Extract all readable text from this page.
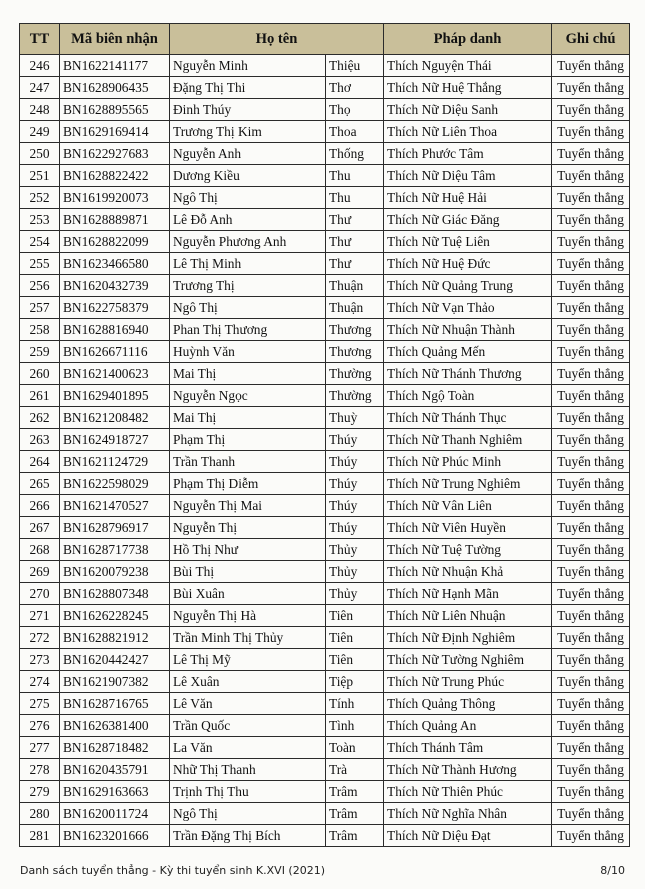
TT	Mã biên nhận	Họ tên		Pháp danh	Ghi chú
246	BN1622141177	Nguyễn Minh	Thiệu	Thích Nguyện Thái	Tuyển thẳng
247	BN1628906435	Đặng Thị Thi	Thơ	Thích Nữ Huệ Thắng	Tuyển thẳng
248	BN1628895565	Đinh Thúy	Thọ	Thích Nữ Diệu Sanh	Tuyển thẳng
249	BN1629169414	Trương Thị Kim	Thoa	Thích Nữ Liên Thoa	Tuyển thẳng
250	BN1622927683	Nguyễn Anh	Thống	Thích Phước Tâm	Tuyển thẳng
251	BN1628822422	Dương Kiều	Thu	Thích Nữ Diệu Tâm	Tuyển thẳng
252	BN1619920073	Ngô Thị	Thu	Thích Nữ Huệ Hải	Tuyển thẳng
253	BN1628889871	Lê Đỗ Anh	Thư	Thích Nữ Giác Đăng	Tuyển thẳng
254	BN1628822099	Nguyễn Phương Anh	Thư	Thích Nữ Tuệ Liên	Tuyển thẳng
255	BN1623466580	Lê Thị Minh	Thư	Thích Nữ Huệ Đức	Tuyển thẳng
256	BN1620432739	Trương Thị	Thuận	Thích Nữ Quảng Trung	Tuyển thẳng
257	BN1622758379	Ngô Thị	Thuận	Thích Nữ Vạn Thảo	Tuyển thẳng
258	BN1628816940	Phan Thị Thương	Thương	Thích Nữ Nhuận Thành	Tuyển thẳng
259	BN1626671116	Huỳnh Văn	Thương	Thích Quảng Mến	Tuyển thẳng
260	BN1621400623	Mai Thị	Thường	Thích Nữ Thánh Thương	Tuyển thẳng
261	BN1629401895	Nguyễn Ngọc	Thường	Thích Ngộ Toàn	Tuyển thẳng
262	BN1621208482	Mai Thị	Thuỳ	Thích Nữ Thánh Thục	Tuyển thẳng
263	BN1624918727	Phạm Thị	Thúy	Thích Nữ Thanh Nghiêm	Tuyển thẳng
264	BN1621124729	Trần Thanh	Thúy	Thích Nữ Phúc Minh	Tuyển thẳng
265	BN1622598029	Phạm Thị Diễm	Thúy	Thích Nữ Trung Nghiêm	Tuyển thẳng
266	BN1621470527	Nguyễn Thị Mai	Thúy	Thích Nữ Vân Liên	Tuyển thẳng
267	BN1628796917	Nguyễn Thị	Thúy	Thích Nữ Viên Huyền	Tuyển thẳng
268	BN1628717738	Hồ Thị Như	Thủy	Thích Nữ Tuệ Tường	Tuyển thẳng
269	BN1620079238	Bùi Thị	Thủy	Thích Nữ Nhuận Khả	Tuyển thẳng
270	BN1628807348	Bùi Xuân	Thủy	Thích Nữ Hạnh Mãn	Tuyển thẳng
271	BN1626228245	Nguyễn Thị Hà	Tiên	Thích Nữ Liên Nhuận	Tuyển thẳng
272	BN1628821912	Trần Minh Thị Thủy	Tiên	Thích Nữ Định Nghiêm	Tuyển thẳng
273	BN1620442427	Lê Thị Mỹ	Tiên	Thích Nữ Tường Nghiêm	Tuyển thẳng
274	BN1621907382	Lê Xuân	Tiệp	Thích Nữ Trung Phúc	Tuyển thẳng
275	BN1628716765	Lê Văn	Tính	Thích Quảng Thông	Tuyển thẳng
276	BN1626381400	Trần Quốc	Tình	Thích Quảng An	Tuyển thẳng
277	BN1628718482	La Văn	Toàn	Thích Thánh Tâm	Tuyển thẳng
278	BN1620435791	Nhữ Thị Thanh	Trà	Thích Nữ Thành Hương	Tuyển thẳng
279	BN1629163663	Trịnh Thị Thu	Trâm	Thích Nữ Thiên Phúc	Tuyển thẳng
280	BN1620011724	Ngô Thị	Trâm	Thích Nữ Nghĩa Nhân	Tuyển thẳng
281	BN1623201666	Trần Đặng Thị Bích	Trâm	Thích Nữ Diệu Đạt	Tuyển thẳng
Danh sách tuyển thẳng - Kỳ thi tuyển sinh K.XVI (2021)	8/10
